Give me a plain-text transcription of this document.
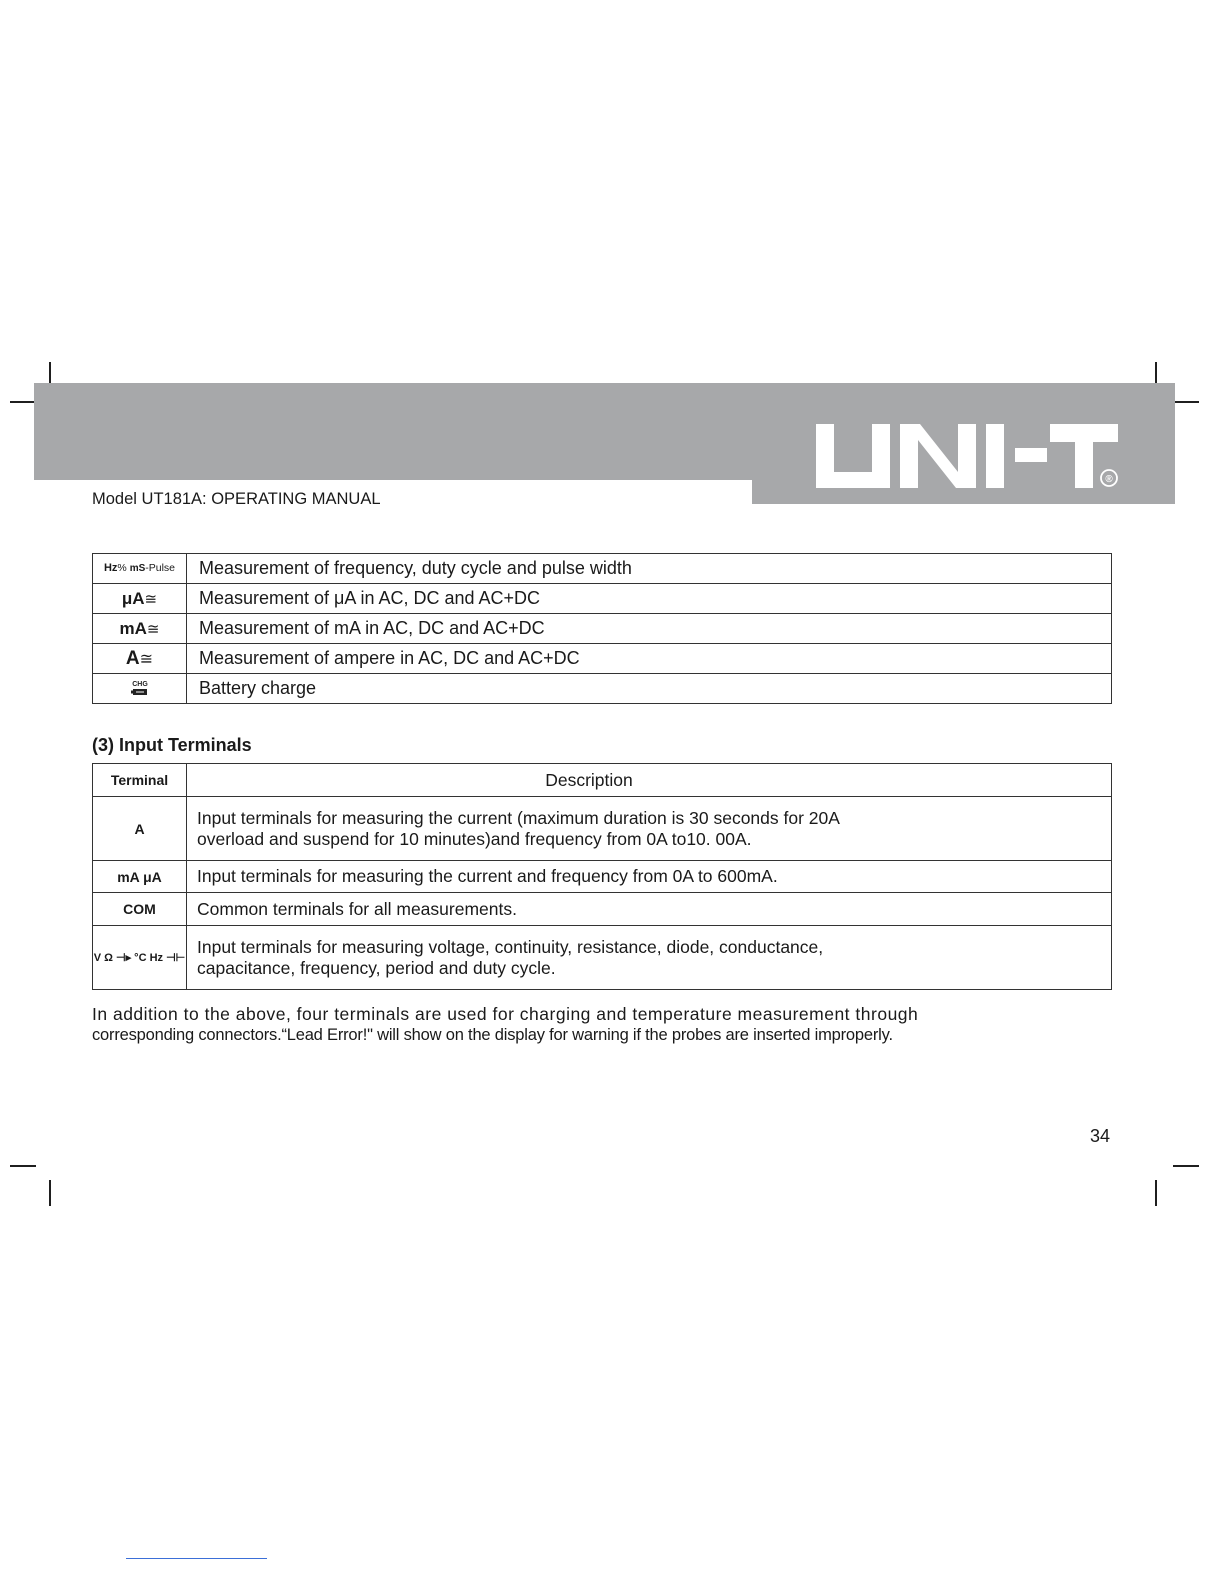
®
Model UT181A: OPERATING MANUAL
Hz% mS-Pulse	Measurement of frequency, duty cycle and pulse width
μA≅	Measurement of μA in AC, DC and AC+DC
mA≅	Measurement of mA in AC, DC and AC+DC
A≅	Measurement of ampere in AC, DC and AC+DC

CHG	Battery charge
(3) Input Terminals
Terminal	Description
A	Input terminals for measuring the current (maximum duration is 30 seconds for 20A
overload and suspend for 10 minutes)and frequency from 0A to10. 00A.

mA μA	Input terminals for measuring the current and frequency from 0A to 600mA.
COM	Common terminals for all measurements.
V Ω ⊣▸ °C Hz ⊣⊢	Input terminals for measuring voltage, continuity, resistance, diode, conductance,
capacitance, frequency, period and duty cycle.
In addition to the above, four terminals are used for charging and temperature measurement through
corresponding connectors.“Lead Error!" will show on the display for warning if the probes are inserted improperly.
34
